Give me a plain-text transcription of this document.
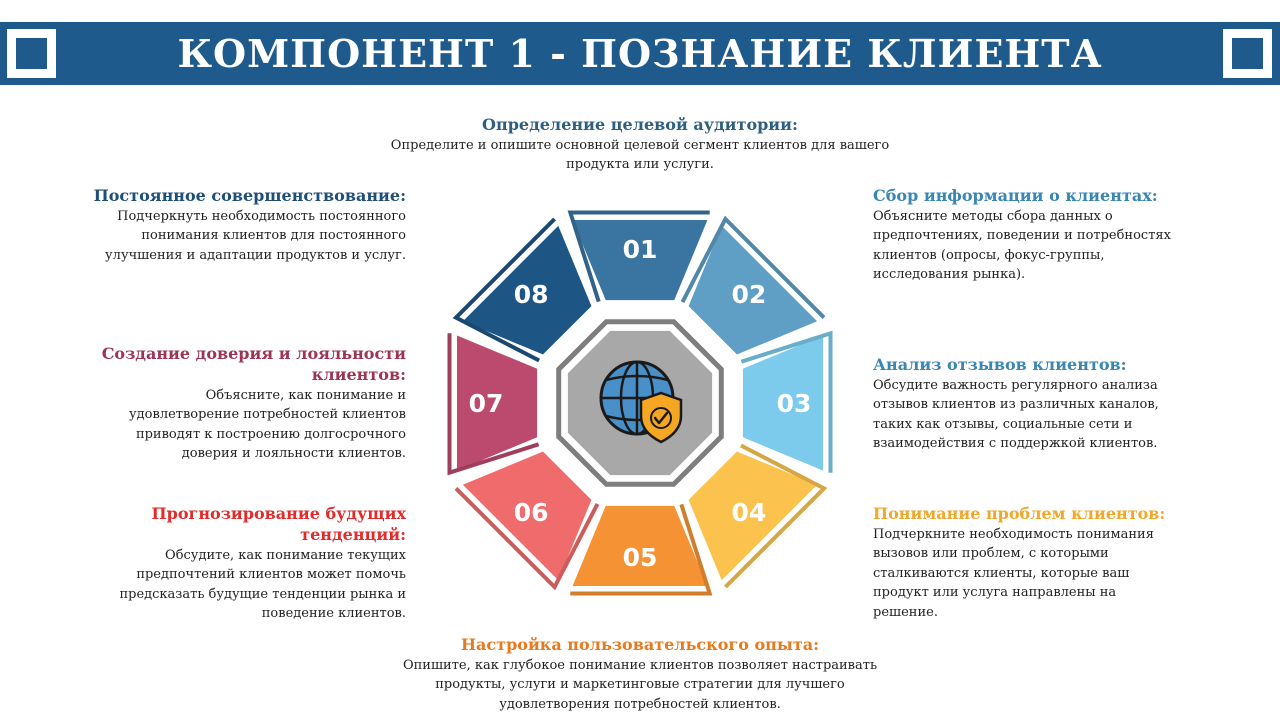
КОМПОНЕНТ 1 - ПОЗНАНИЕ КЛИЕНТА
01
02
03
04
05
06
07
08
Определение целевой аудитории:
Определите и опишите основной целевой сегмент клиентов для вашего продукта или услуги.
Сбор информации о клиентах:
Объясните методы сбора данных о предпочтениях, поведении и потребностях клиентов (опросы, фокус-группы, исследования рынка).
Анализ отзывов клиентов:
Обсудите важность регулярного анализа отзывов клиентов из различных каналов, таких как отзывы, социальные сети и взаимодействия с поддержкой клиентов.
Понимание проблем клиентов:
Подчеркните необходимость понимания вызовов или проблем, с которыми сталкиваются клиенты, которые ваш продукт или услуга направлены на решение.
Настройка пользовательского опыта:
Опишите, как глубокое понимание клиентов позволяет настраивать продукты, услуги и маркетинговые стратегии для лучшего удовлетворения потребностей клиентов.
Прогнозирование будущих тенденций:
Обсудите, как понимание текущих предпочтений клиентов может помочь предсказать будущие тенденции рынка и поведение клиентов.
Создание доверия и лояльности клиентов:
Объясните, как понимание и удовлетворение потребностей клиентов приводят к построению долгосрочного доверия и лояльности клиентов.
Постоянное совершенствование:
Подчеркнуть необходимость постоянного понимания клиентов для постоянного улучшения и адаптации продуктов и услуг.
